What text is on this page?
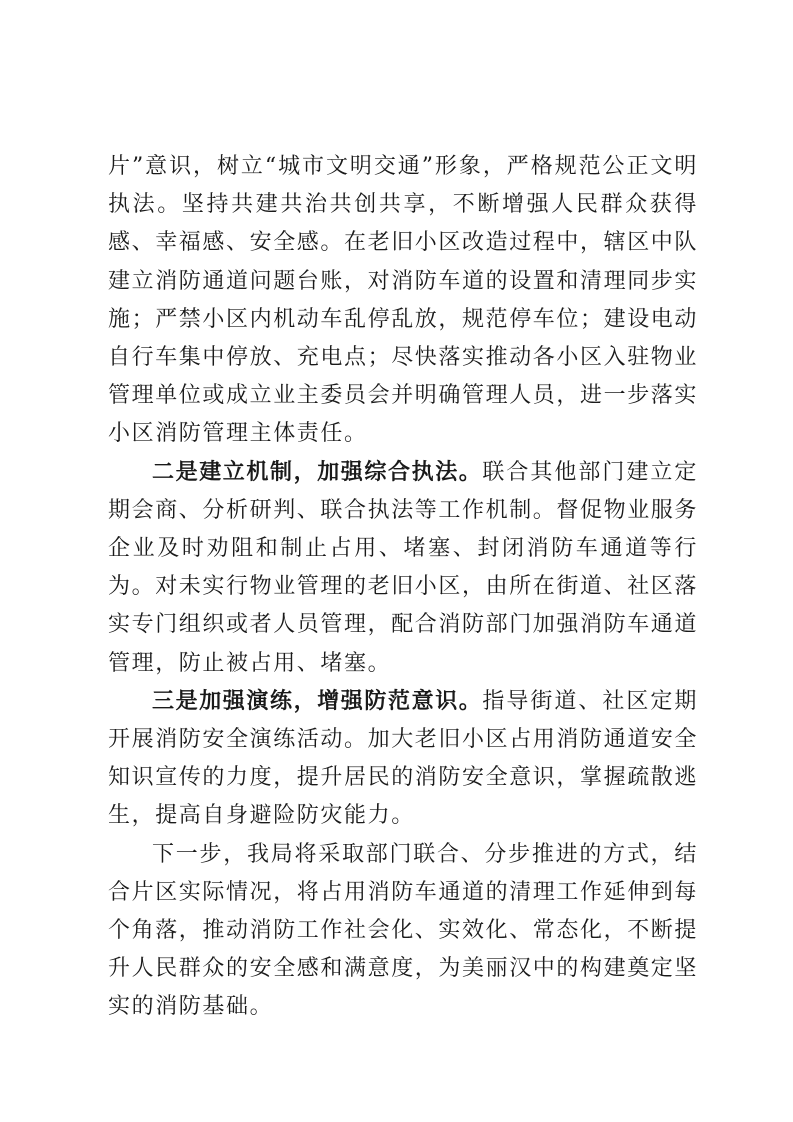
片”意识，树立“城市文明交通”形象，严格规范公正文明执法。坚持共建共治共创共享，不断增强人民群众获得感、幸福感、安全感。在老旧小区改造过程中，辖区中队建立消防通道问题台账，对消防车道的设置和清理同步实施；严禁小区内机动车乱停乱放，规范停车位；建设电动自行车集中停放、充电点；尽快落实推动各小区入驻物业管理单位或成立业主委员会并明确管理人员，进一步落实小区消防管理主体责任。

二是建立机制，加强综合执法。联合其他部门建立定期会商、分析研判、联合执法等工作机制。督促物业服务企业及时劝阻和制止占用、堵塞、封闭消防车通道等行为。对未实行物业管理的老旧小区，由所在街道、社区落实专门组织或者人员管理，配合消防部门加强消防车通道管理，防止被占用、堵塞。

三是加强演练，增强防范意识。指导街道、社区定期开展消防安全演练活动。加大老旧小区占用消防通道安全知识宣传的力度，提升居民的消防安全意识，掌握疏散逃生，提高自身避险防灾能力。

下一步，我局将采取部门联合、分步推进的方式，结合片区实际情况，将占用消防车通道的清理工作延伸到每个角落，推动消防工作社会化、实效化、常态化，不断提升人民群众的安全感和满意度，为美丽汉中的构建奠定坚实的消防基础。
